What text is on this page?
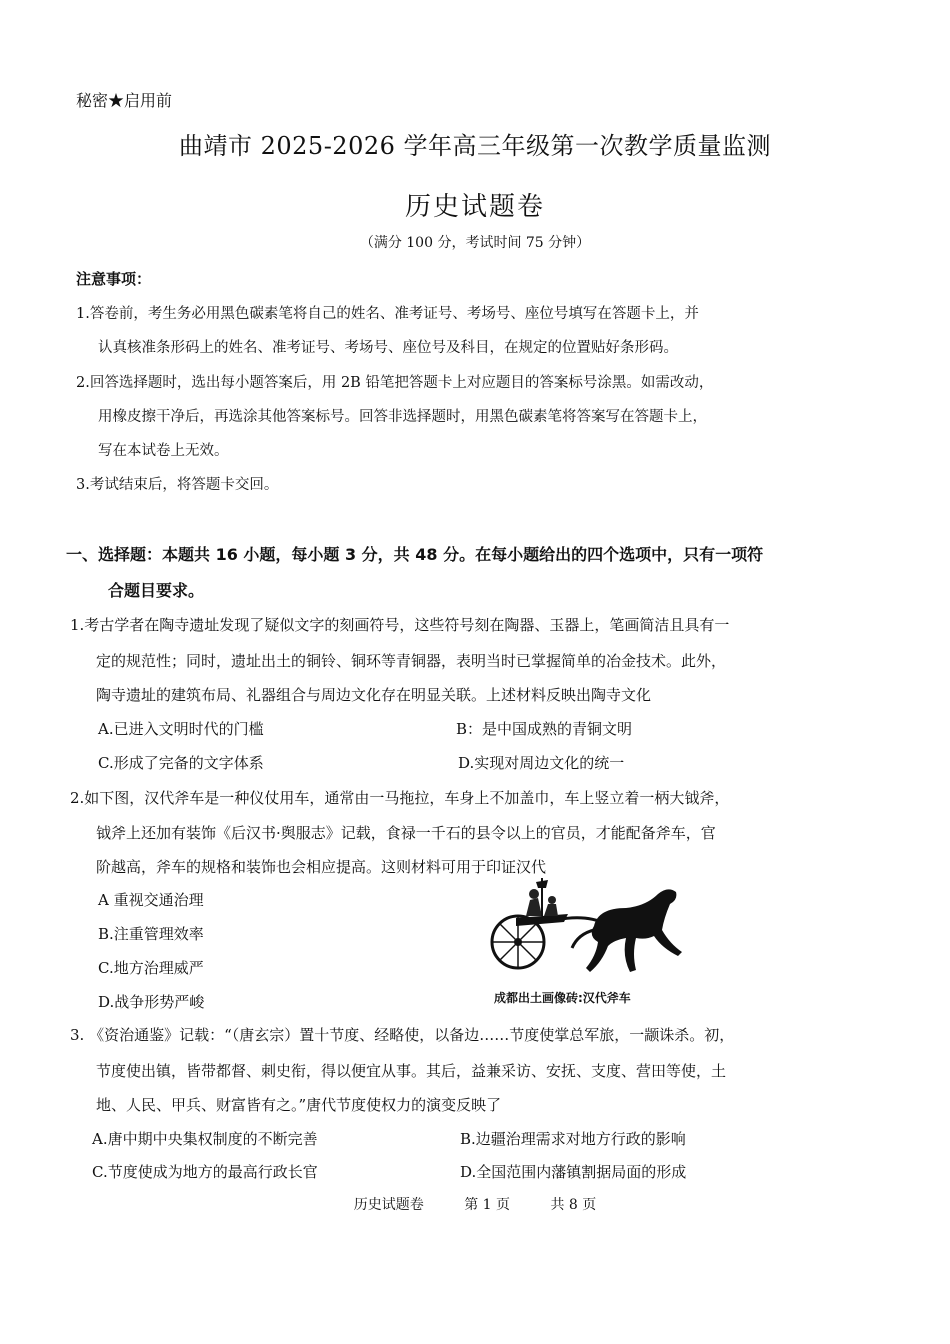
秘密★启用前
曲靖市 2025-2026 学年高三年级第一次教学质量监测
历史试题卷
（满分 100 分，考试时间 75 分钟）
注意事项：
1.答卷前，考生务必用黑色碳素笔将自己的姓名、准考证号、考场号、座位号填写在答题卡上，并
认真核准条形码上的姓名、准考证号、考场号、座位号及科目，在规定的位置贴好条形码。
2.回答选择题时，选出每小题答案后，用 2B 铅笔把答题卡上对应题目的答案标号涂黑。如需改动，
用橡皮擦干净后，再选涂其他答案标号。回答非选择题时，用黑色碳素笔将答案写在答题卡上，
写在本试卷上无效。
3.考试结束后，将答题卡交回。
一、选择题：本题共 16 小题，每小题 3 分，共 48 分。在每小题给出的四个选项中，只有一项符
合题目要求。
1.考古学者在陶寺遗址发现了疑似文字的刻画符号，这些符号刻在陶器、玉器上，笔画简洁且具有一
定的规范性；同时，遗址出土的铜铃、铜环等青铜器，表明当时已掌握简单的冶金技术。此外，
陶寺遗址的建筑布局、礼器组合与周边文化存在明显关联。上述材料反映出陶寺文化
A.已进入文明时代的门槛	B：是中国成熟的青铜文明
C.形成了完备的文字体系	D.实现对周边文化的统一
2.如下图，汉代斧车是一种仪仗用车，通常由一马拖拉，车身上不加盖巾，车上竖立着一柄大钺斧，
钺斧上还加有装饰《后汉书·舆服志》记载，食禄一千石的县令以上的官员，才能配备斧车，官
阶越高，斧车的规格和装饰也会相应提高。这则材料可用于印证汉代
A 重视交通治理
B.注重管理效率
C.地方治理威严
D.战争形势严峻	成都出土画像砖:汉代斧车
3. 《资治通鉴》记载：“（唐玄宗）置十节度、经略使，以备边……节度使掌总军旅，一颛诛杀。初，
节度使出镇，皆带都督、刺史衔，得以便宜从事。其后，益兼采访、安抚、支度、营田等使，土
地、人民、甲兵、财富皆有之。”唐代节度使权力的演变反映了
A.唐中期中央集权制度的不断完善	B.边疆治理需求对地方行政的影响
C.节度使成为地方的最高行政长官	D.全国范围内藩镇割据局面的形成
历史试题卷	第 1 页	共 8 页
